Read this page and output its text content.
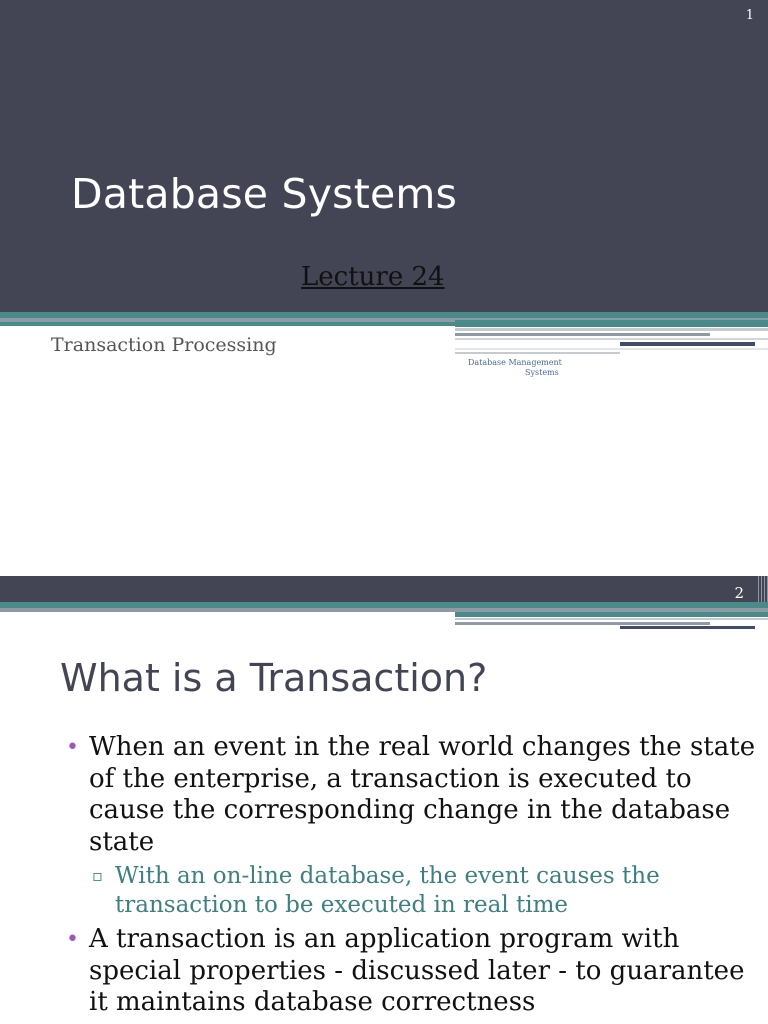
1
Database Systems
Lecture 24
Transaction Processing
Database Management
Systems
2
What is a Transaction?
• When an event in the real world changes the state of the enterprise, a transaction is executed to cause the corresponding change in the database state
▫ With an on-line database, the event causes the transaction to be executed in real time
• A transaction is an application program with special properties - discussed later - to guarantee it maintains database correctness
